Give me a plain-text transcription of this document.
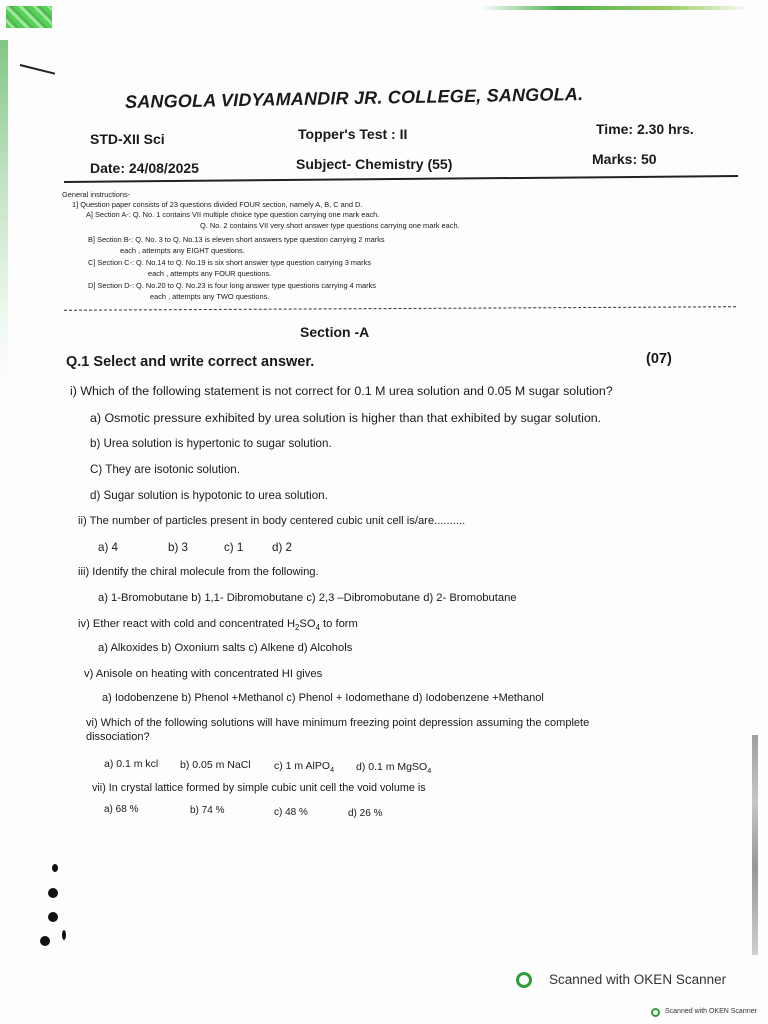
SANGOLA VIDYAMANDIR JR. COLLEGE, SANGOLA.
STD-XII Sci	Topper's Test : II	Time: 2.30 hrs.
Date: 24/08/2025	Subject- Chemistry (55)	Marks: 50
General instructions-
1] Question paper consists of 23 questions divided FOUR section, namely A, B, C and D.
A] Section A-: Q. No. 1 contains VII multiple choice type question carrying one mark each.
Q. No. 2 contains VII very short answer type questions carrying one mark each.
B] Section B-: Q. No. 3 to Q. No.13 is eleven short answers type question carrying 2 marks
each , attempts any EIGHT questions.
C] Section C-: Q. No.14 to Q. No.19 is six short answer type question carrying 3 marks
each , attempts any FOUR questions.
D] Section D-: Q. No.20 to Q. No.23 is four long answer type questions carrying 4 marks
each , attempts any TWO questions.
Section -A
Q.1 Select and write correct answer.	(07)
i) Which of the following statement is not correct for 0.1 M urea solution and 0.05 M sugar solution?
a) Osmotic pressure exhibited by urea solution is higher than that exhibited by sugar solution.
b) Urea solution is hypertonic to sugar solution.
C) They are isotonic solution.
d) Sugar solution is hypotonic to urea solution.
ii) The number of particles present in body centered cubic unit cell is/are..........
a) 4	b) 3	c) 1 d) 2
iii) Identify the chiral molecule from the following.
a) 1-Bromobutane b) 1,1- Dibromobutane c) 2,3 –Dibromobutane d) 2- Bromobutane
iv) Ether react with cold and concentrated $H_2SO_4$ to form
a) Alkoxides b) Oxonium salts c) Alkene d) Alcohols
v) Anisole on heating with concentrated HI gives
a) Iodobenzene b) Phenol +Methanol c) Phenol + Iodomethane d) Iodobenzene +Methanol
vi) Which of the following solutions will have minimum freezing point depression assuming the complete
dissociation?
a) 0.1 m kcl b) 0.05 m NaCl c) 1 m AlPO$_4$ d) 0.1 m MgSO$_4$
vii) In crystal lattice formed by simple cubic unit cell the void volume is
a) 68 %	b) 74 %	c) 48 %	d) 26 %
Scanned with OKEN Scanner
Scanned with OKEN Scanner
